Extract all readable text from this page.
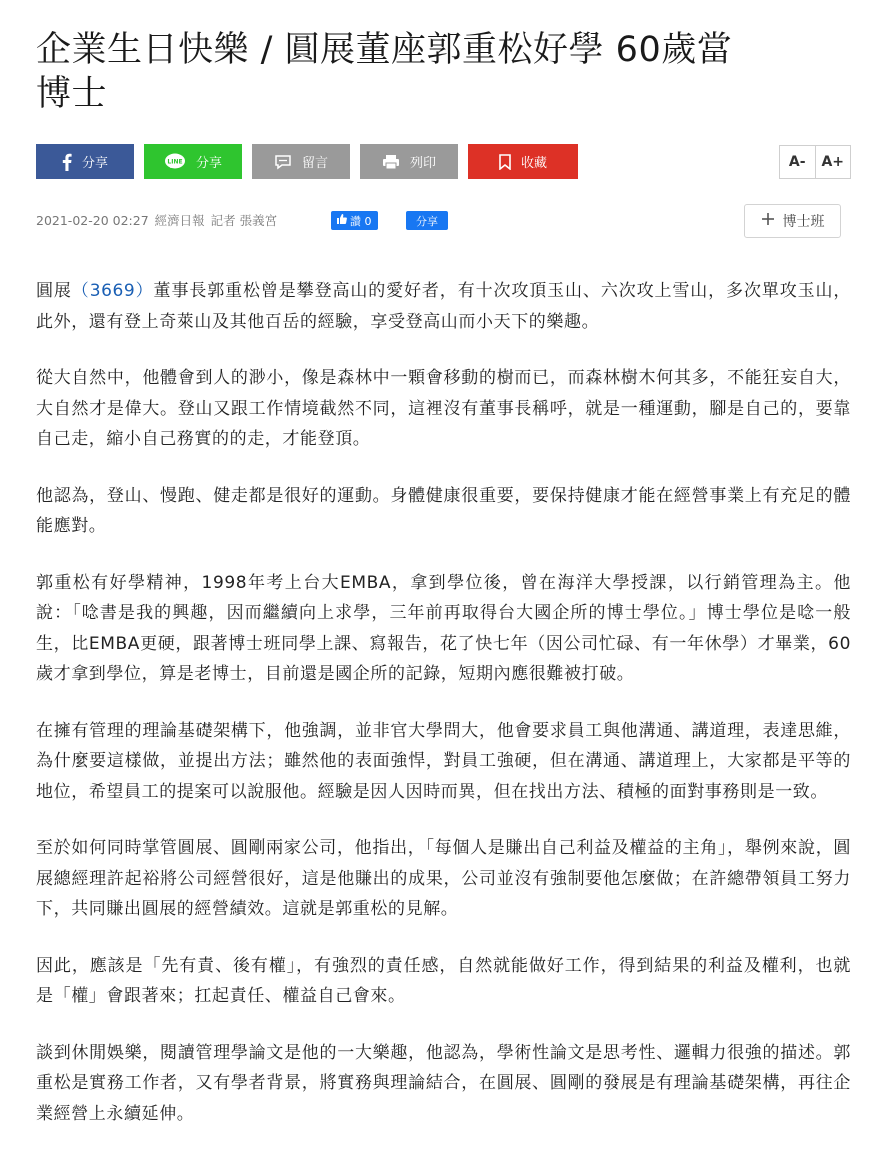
企業生日快樂 / 圓展董座郭重松好學 60歲當博士
分享	LINE 分享	留言	列印	收藏	A-	A+
2021-02-20 02:27 經濟日報 記者 張義宮	讚 0	分享	博士班

圓展（3669）董事長郭重松曾是攀登高山的愛好者，有十次攻頂玉山、六次攻上雪山，多次單攻玉山，此外，還有登上奇萊山及其他百岳的經驗，享受登高山而小天下的樂趣。

從大自然中，他體會到人的渺小，像是森林中一顆會移動的樹而已，而森林樹木何其多，不能狂妄自大，大自然才是偉大。登山又跟工作情境截然不同，這裡沒有董事長稱呼，就是一種運動，腳是自己的，要靠自己走，縮小自己務實的的走，才能登頂。

他認為，登山、慢跑、健走都是很好的運動。身體健康很重要，要保持健康才能在經營事業上有充足的體能應對。

郭重松有好學精神，1998年考上台大EMBA，拿到學位後，曾在海洋大學授課，以行銷管理為主。他說：「唸書是我的興趣，因而繼續向上求學，三年前再取得台大國企所的博士學位。」博士學位是唸一般生，比EMBA更硬，跟著博士班同學上課、寫報告，花了快七年（因公司忙碌、有一年休學）才畢業，60歲才拿到學位，算是老博士，目前還是國企所的記錄，短期內應很難被打破。

在擁有管理的理論基礎架構下，他強調，並非官大學問大，他會要求員工與他溝通、講道理，表達思維，為什麼要這樣做，並提出方法；雖然他的表面強悍，對員工強硬，但在溝通、講道理上，大家都是平等的地位，希望員工的提案可以說服他。經驗是因人因時而異，但在找出方法、積極的面對事務則是一致。

至於如何同時掌管圓展、圓剛兩家公司，他指出，「每個人是賺出自己利益及權益的主角」，舉例來說，圓展總經理許起裕將公司經營很好，這是他賺出的成果，公司並沒有強制要他怎麼做；在許總帶領員工努力下，共同賺出圓展的經營績效。這就是郭重松的見解。

因此，應該是「先有責、後有權」，有強烈的責任感，自然就能做好工作，得到結果的利益及權利，也就是「權」會跟著來；扛起責任、權益自己會來。

談到休閒娛樂，閱讀管理學論文是他的一大樂趣，他認為，學術性論文是思考性、邏輯力很強的描述。郭重松是實務工作者，又有學者背景，將實務與理論結合，在圓展、圓剛的發展是有理論基礎架構，再往企業經營上永續延伸。
